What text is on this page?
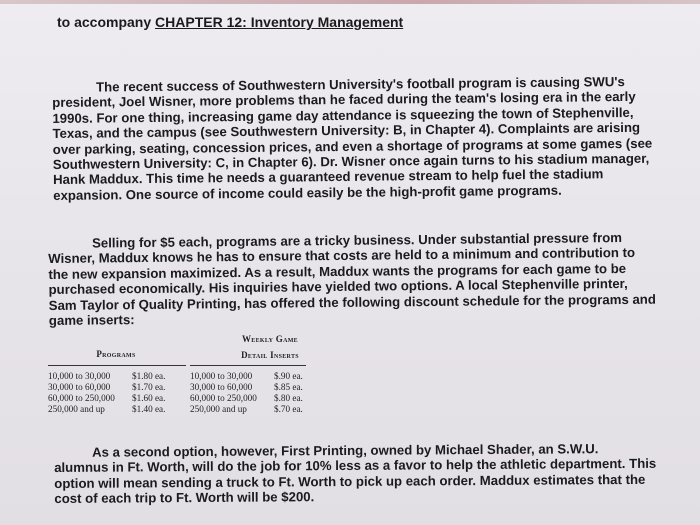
to accompany CHAPTER 12: Inventory Management
The recent success of Southwestern University's football program is causing SWU's
president, Joel Wisner, more problems than he faced during the team's losing era in the early
1990s. For one thing, increasing game day attendance is squeezing the town of Stephenville,
Texas, and the campus (see Southwestern University: B, in Chapter 4). Complaints are arising
over parking, seating, concession prices, and even a shortage of programs at some games (see
Southwestern University: C, in Chapter 6). Dr. Wisner once again turns to his stadium manager,
Hank Maddux. This time he needs a guaranteed revenue stream to help fuel the stadium
expansion. One source of income could easily be the high-profit game programs.
Selling for $5 each, programs are a tricky business. Under substantial pressure from
Wisner, Maddux knows he has to ensure that costs are held to a minimum and contribution to
the new expansion maximized. As a result, Maddux wants the programs for each game to be
purchased economically. His inquiries have yielded two options. A local Stephenville printer,
Sam Taylor of Quality Printing, has offered the following discount schedule for the programs and
game inserts:
Programs
10,000 to 30,000 $1.80 ea.
30,000 to 60,000 $1.70 ea.
60,000 to 250,000 $1.60 ea.
250,000 and up	$1.40 ea.
Weekly Game
Detail Inserts
10,000 to 30,000 $.90 ea.
30,000 to 60,000 $.85 ea.
60,000 to 250,000 $.80 ea.
250,000 and up	$.70 ea.
As a second option, however, First Printing, owned by Michael Shader, an S.W.U.
alumnus in Ft. Worth, will do the job for 10% less as a favor to help the athletic department. This
option will mean sending a truck to Ft. Worth to pick up each order. Maddux estimates that the
cost of each trip to Ft. Worth will be $200.
